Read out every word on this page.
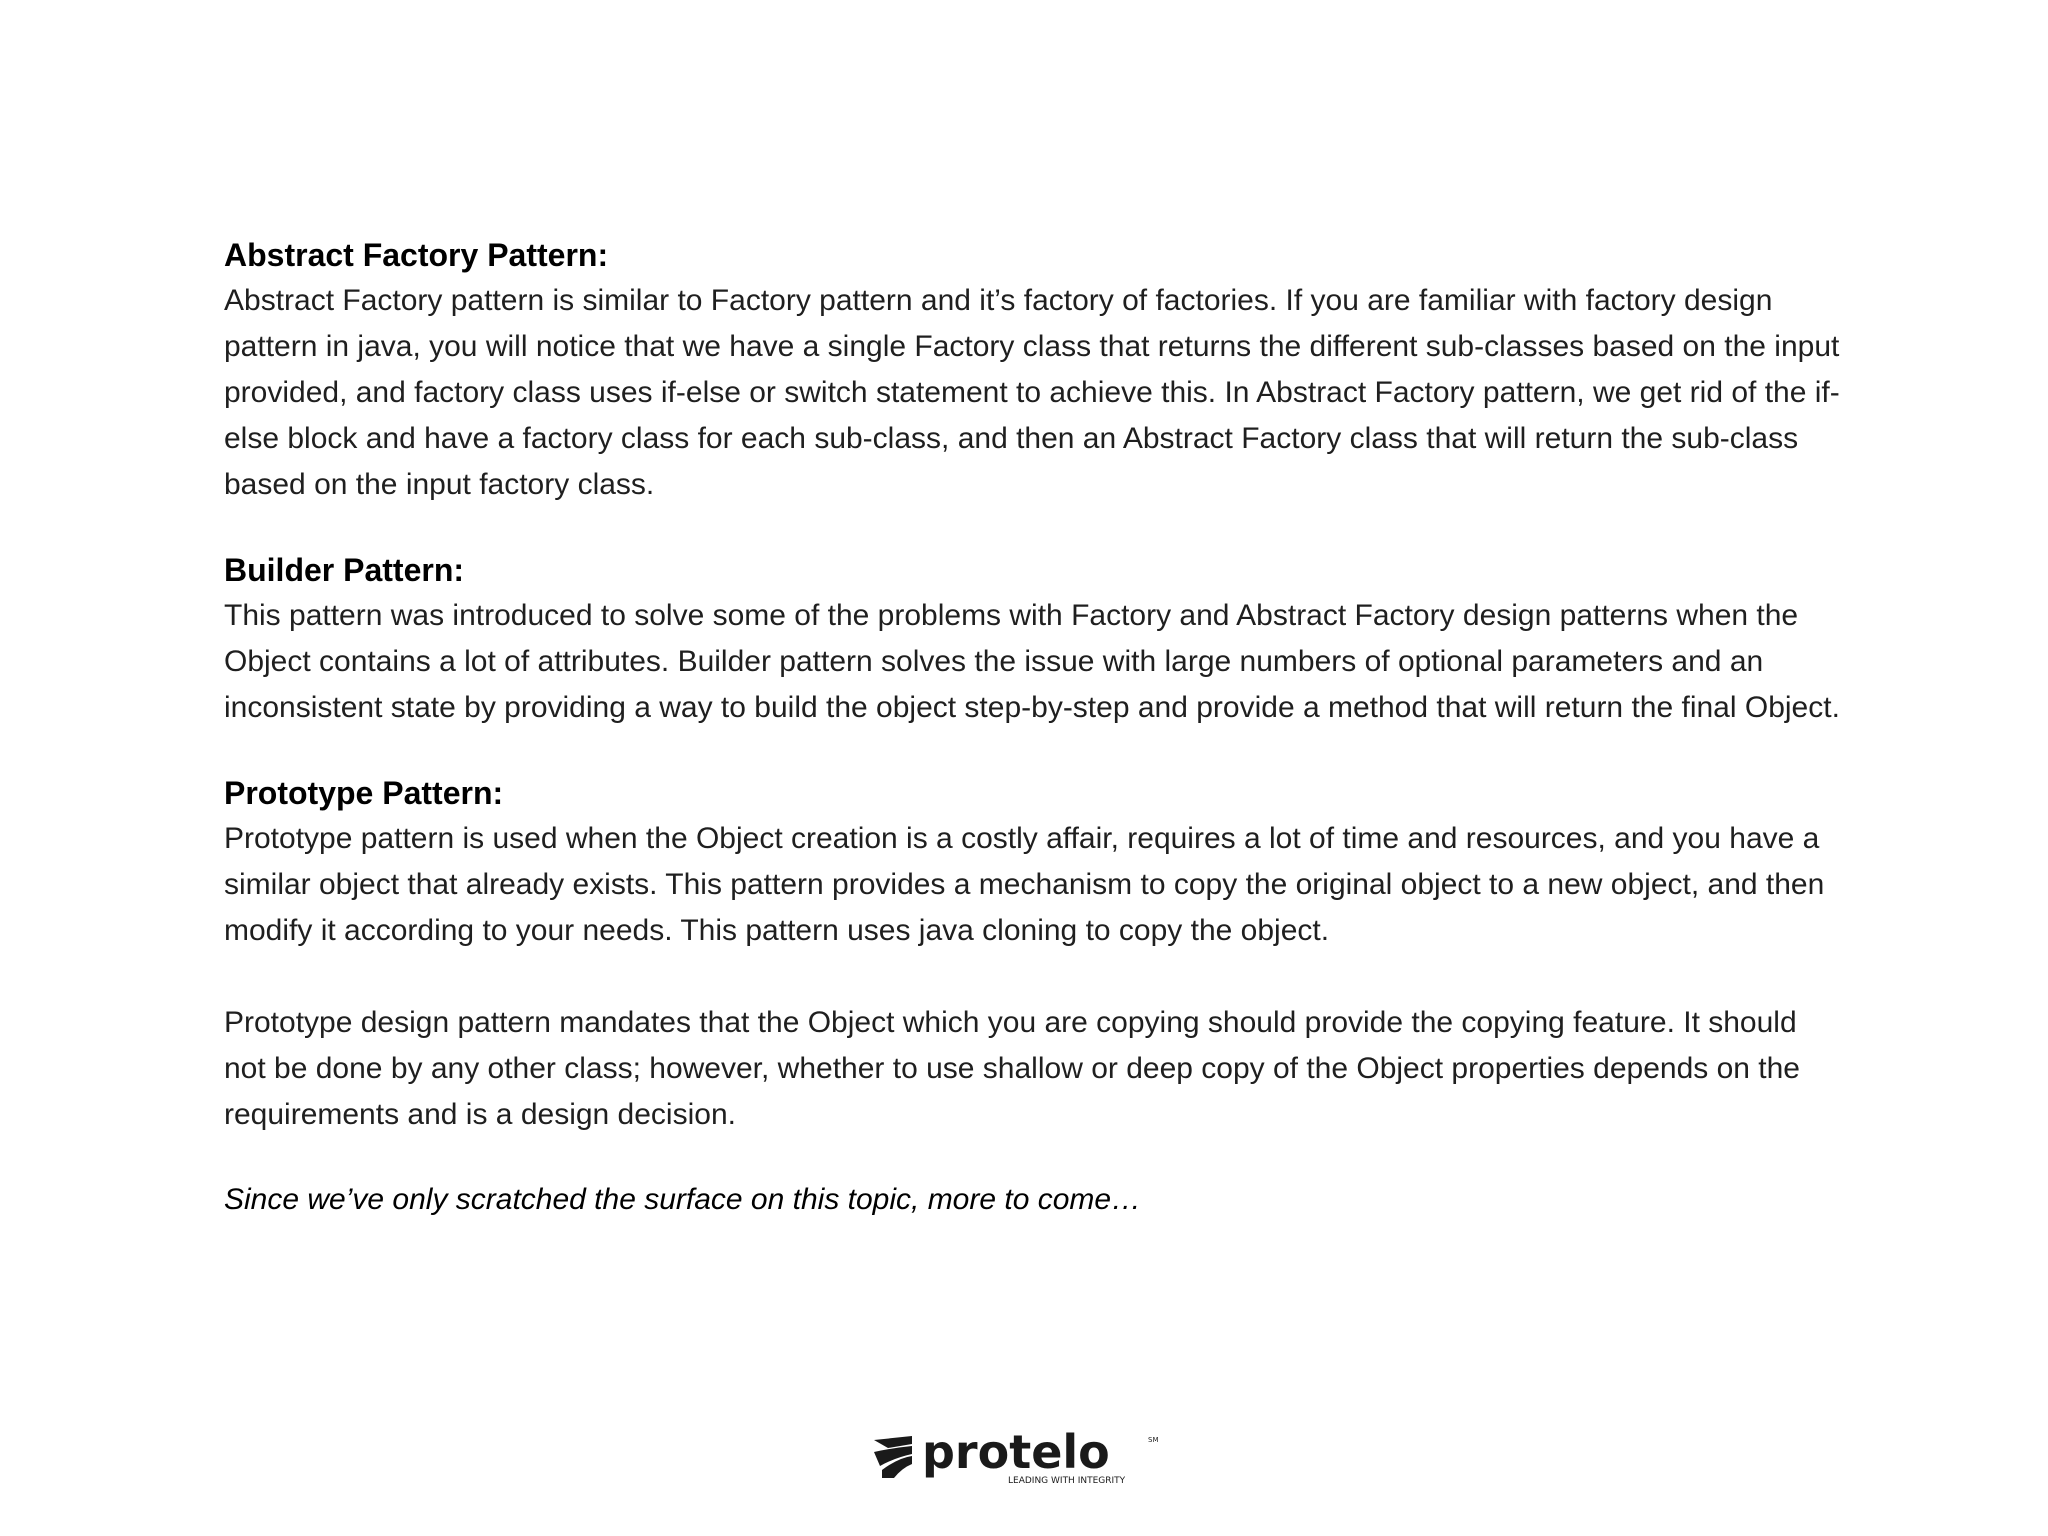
Abstract Factory Pattern:

Abstract Factory pattern is similar to Factory pattern and it’s factory of factories. If you are familiar with factory design pattern in java, you will notice that we have a single Factory class that returns the different sub-classes based on the input provided, and factory class uses if-else or switch statement to achieve this. In Abstract Factory pattern, we get rid of the if-else block and have a factory class for each sub-class, and then an Abstract Factory class that will return the sub-class based on the input factory class.

Builder Pattern:

This pattern was introduced to solve some of the problems with Factory and Abstract Factory design patterns when the Object contains a lot of attributes. Builder pattern solves the issue with large numbers of optional parameters and an inconsistent state by providing a way to build the object step-by-step and provide a method that will return the final Object.

Prototype Pattern:

Prototype pattern is used when the Object creation is a costly affair, requires a lot of time and resources, and you have a similar object that already exists. This pattern provides a mechanism to copy the original object to a new object, and then modify it according to your needs. This pattern uses java cloning to copy the object.

Prototype design pattern mandates that the Object which you are copying should provide the copying feature. It should not be done by any other class; however, whether to use shallow or deep copy of the Object properties depends on the requirements and is a design decision.

Since we’ve only scratched the surface on this topic, more to come…

protelo	SM
LEADING WITH INTEGRITY
